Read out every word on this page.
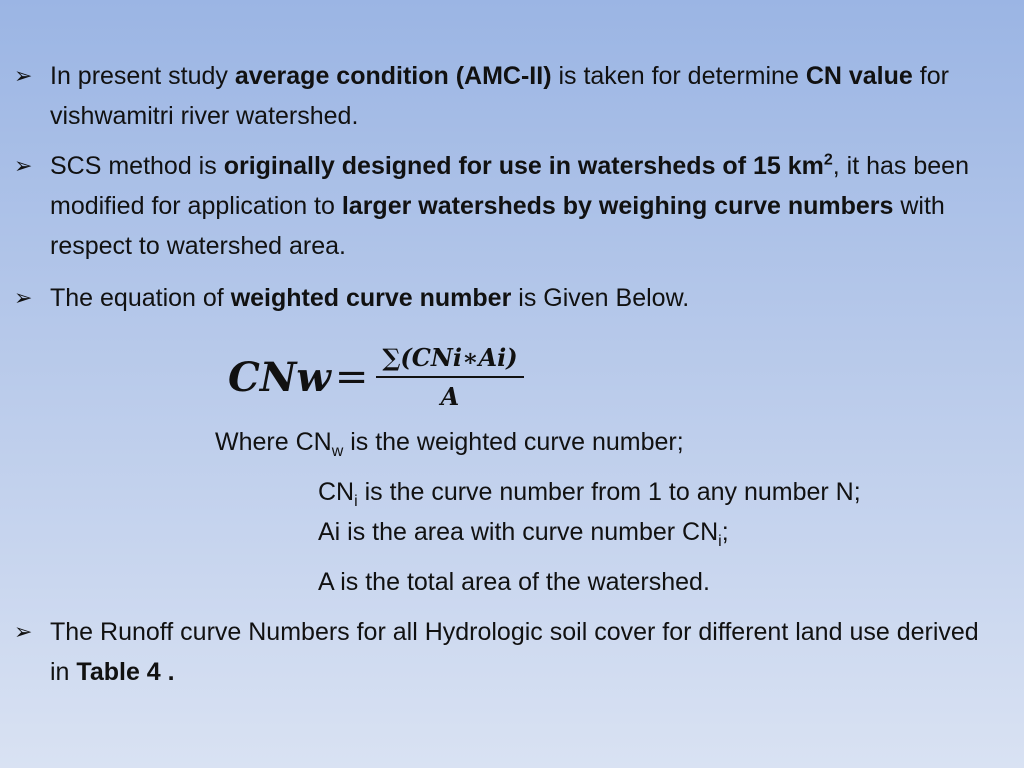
➢ In present study average condition (AMC-II) is taken for determine CN value for vishwamitri river watershed.
➢ SCS method is originally designed for use in watersheds of 15 $km^2$, it has been modified for application to larger watersheds by weighing curve numbers with respect to watershed area.
➢ The equation of weighted curve number is Given Below.
CNw = $\frac{\text{∑(CNi∗Ai)}}{A}$
Where $CN_w$ is the weighted curve number;
$CN_i$ is the curve number from 1 to any number N;
Ai is the area with curve number $CN_i$;
A is the total area of the watershed.
➢ The Runoff curve Numbers for all Hydrologic soil cover for different land use derived in Table 4 .
